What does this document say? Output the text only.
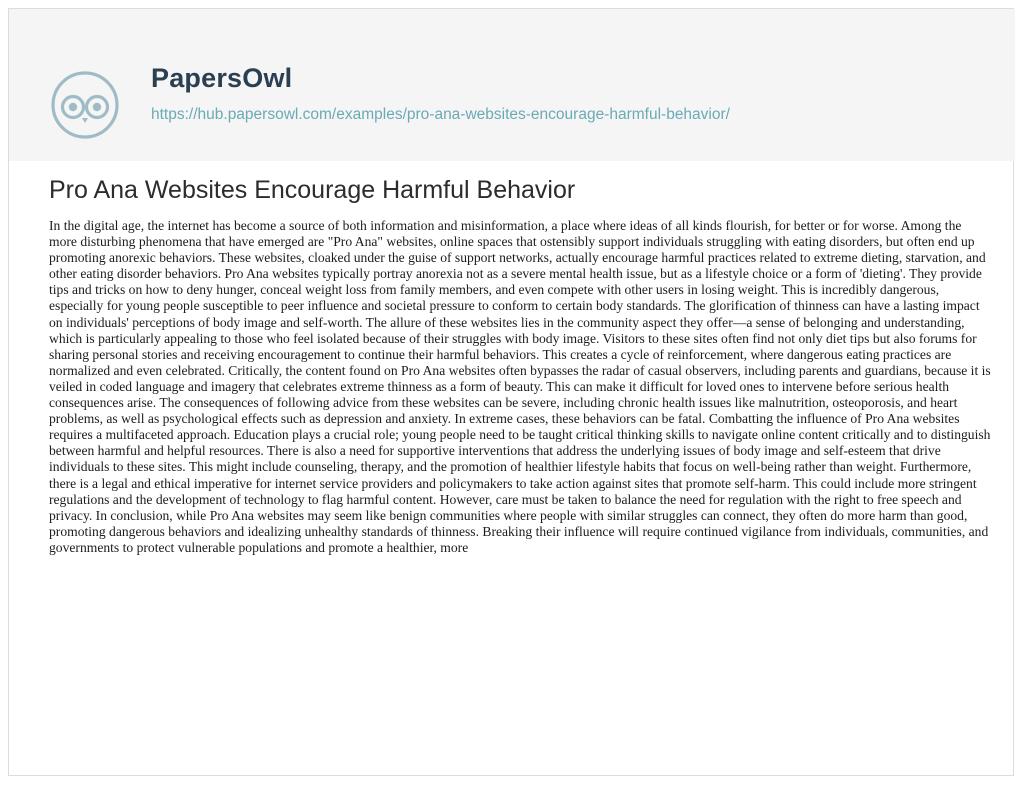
PapersOwl
https://hub.papersowl.com/examples/pro-ana-websites-encourage-harmful-behavior/
Pro Ana Websites Encourage Harmful Behavior

In the digital age, the internet has become a source of both information and misinformation, a place where ideas of all kinds flourish, for better or for worse. Among the more disturbing phenomena that have emerged are "Pro Ana" websites, online spaces that ostensibly support individuals struggling with eating disorders, but often end up promoting anorexic behaviors. These websites, cloaked under the guise of support networks, actually encourage harmful practices related to extreme dieting, starvation, and other eating disorder behaviors. Pro Ana websites typically portray anorexia not as a severe mental health issue, but as a lifestyle choice or a form of 'dieting'. They provide tips and tricks on how to deny hunger, conceal weight loss from family members, and even compete with other users in losing weight. This is incredibly dangerous, especially for young people susceptible to peer influence and societal pressure to conform to certain body standards. The glorification of thinness can have a lasting impact on individuals' perceptions of body image and self-worth. The allure of these websites lies in the community aspect they offer—a sense of belonging and understanding, which is particularly appealing to those who feel isolated because of their struggles with body image. Visitors to these sites often find not only diet tips but also forums for sharing personal stories and receiving encouragement to continue their harmful behaviors. This creates a cycle of reinforcement, where dangerous eating practices are normalized and even celebrated. Critically, the content found on Pro Ana websites often bypasses the radar of casual observers, including parents and guardians, because it is veiled in coded language and imagery that celebrates extreme thinness as a form of beauty. This can make it difficult for loved ones to intervene before serious health consequences arise. The consequences of following advice from these websites can be severe, including chronic health issues like malnutrition, osteoporosis, and heart problems, as well as psychological effects such as depression and anxiety. In extreme cases, these behaviors can be fatal. Combatting the influence of Pro Ana websites requires a multifaceted approach. Education plays a crucial role; young people need to be taught critical thinking skills to navigate online content critically and to distinguish between harmful and helpful resources. There is also a need for supportive interventions that address the underlying issues of body image and self-esteem that drive individuals to these sites. This might include counseling, therapy, and the promotion of healthier lifestyle habits that focus on well-being rather than weight. Furthermore, there is a legal and ethical imperative for internet service providers and policymakers to take action against sites that promote self-harm. This could include more stringent regulations and the development of technology to flag harmful content. However, care must be taken to balance the need for regulation with the right to free speech and privacy. In conclusion, while Pro Ana websites may seem like benign communities where people with similar struggles can connect, they often do more harm than good, promoting dangerous behaviors and idealizing unhealthy standards of thinness. Breaking their influence will require continued vigilance from individuals, communities, and governments to protect vulnerable populations and promote a healthier, more
